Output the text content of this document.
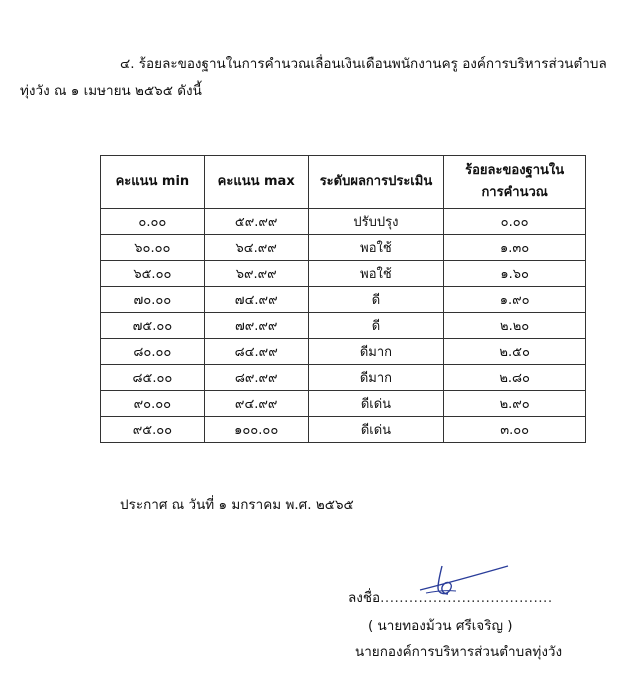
๔. ร้อยละของฐานในการคำนวณเลื่อนเงินเดือนพนักงานครู องค์การบริหารส่วนตำบล
ทุ่งวัง ณ ๑ เมษายน ๒๕๖๕ ดังนี้
คะแนน min	คะแนน max	ระดับผลการประเมิน	ร้อยละของฐานใน
การคำนวณ
๐.๐๐	๕๙.๙๙	ปรับปรุง	๐.๐๐
๖๐.๐๐	๖๔.๙๙	พอใช้	๑.๓๐
๖๕.๐๐	๖๙.๙๙	พอใช้	๑.๖๐
๗๐.๐๐	๗๔.๙๙	ดี	๑.๙๐
๗๕.๐๐	๗๙.๙๙	ดี	๒.๒๐
๘๐.๐๐	๘๔.๙๙	ดีมาก	๒.๕๐
๘๕.๐๐	๘๙.๙๙	ดีมาก	๒.๘๐
๙๐.๐๐	๙๔.๙๙	ดีเด่น	๒.๙๐
๙๕.๐๐	๑๐๐.๐๐	ดีเด่น	๓.๐๐
ประกาศ ณ วันที่ ๑ มกราคม พ.ศ. ๒๕๖๕
ลงชื่อ....................................
( นายทองม้วน ศรีเจริญ )
นายกองค์การบริหารส่วนตำบลทุ่งวัง
